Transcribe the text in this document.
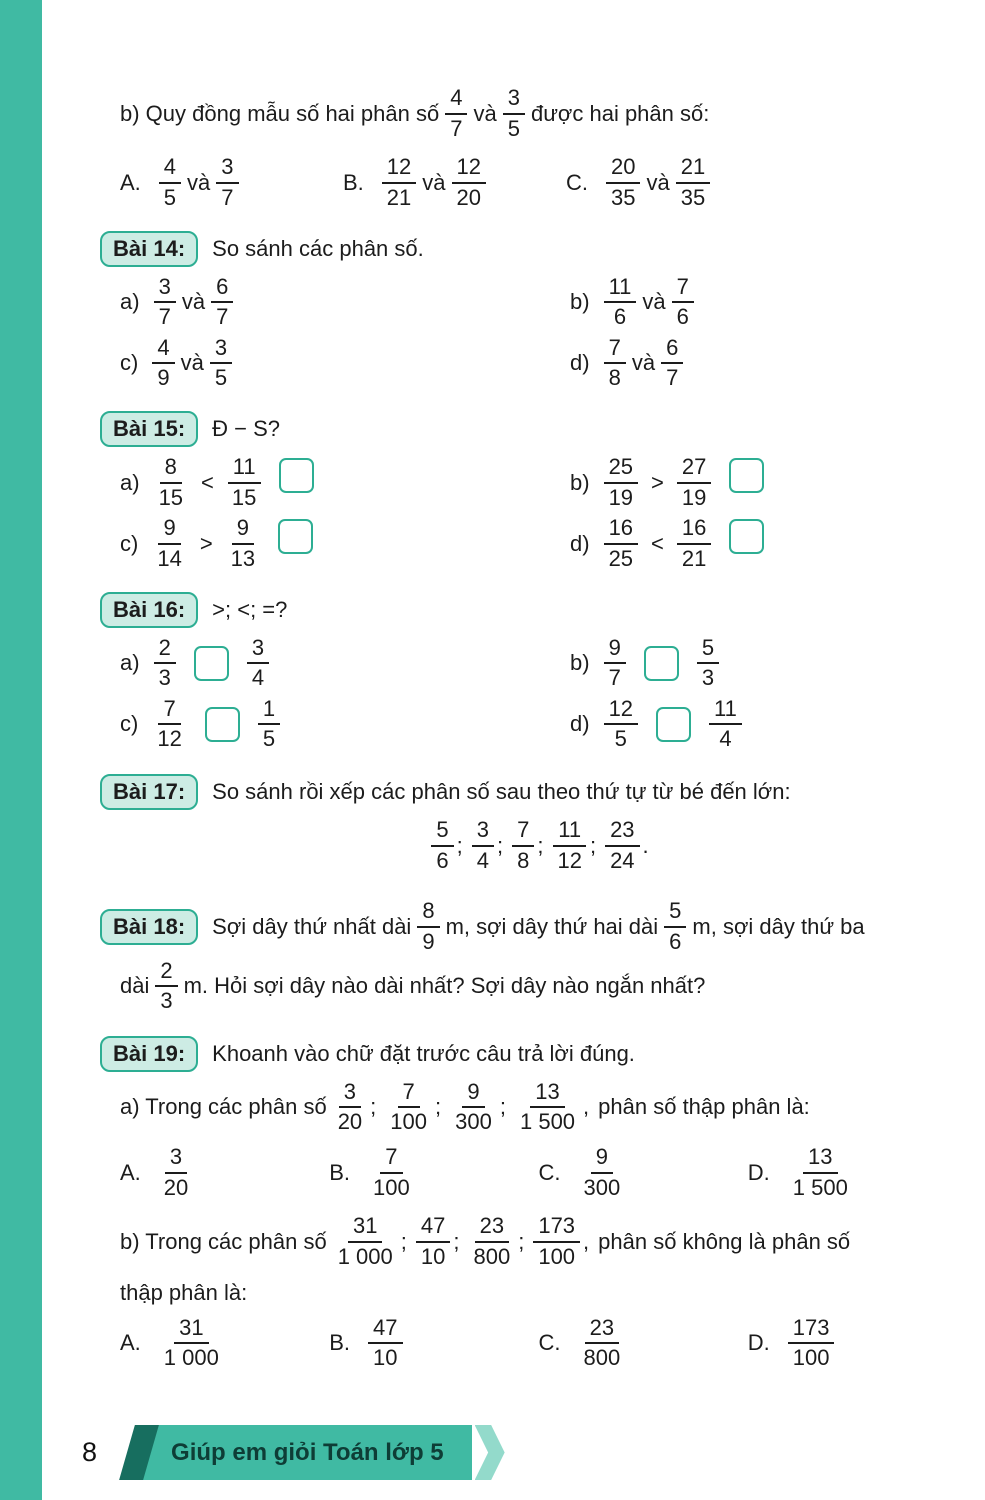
b) Quy đồng mẫu số hai phân số $\frac{4}{7}$ và $\frac{3}{5}$ được hai phân số:
A. $\frac{4}{5}$ và $\frac{3}{7}$	B. $\frac{12}{21}$ và $\frac{12}{20}$	C. $\frac{20}{35}$ và $\frac{21}{35}$
Bài 14:	So sánh các phân số.
$a) \frac{3}{7}$ và $\frac{6}{7}$	$b) \frac{11}{6}$ và $\frac{7}{6}$
$c) \frac{4}{9}$ và $\frac{3}{5}$	$d) \frac{7}{8}$ và $\frac{6}{7}$
Bài 15:	Đ − S?
$a) \frac{8}{15} < \frac{11}{15}$	$b) \frac{25}{19} > \frac{27}{19}$
$c) \frac{9}{14} > \frac{9}{13}$	$d) \frac{16}{25} < \frac{16}{21}$
Bài 16:	>; <; =?
$a) \frac{2}{3}$	$\frac{3}{4}$	$b) \frac{9}{7}$	$\frac{5}{3}$
$c) \frac{7}{12}$	$\frac{1}{5}$	$d) \frac{12}{5}$	$\frac{11}{4}$
Bài 17:	So sánh rồi xếp các phân số sau theo thứ tự từ bé đến lớn:
$\frac{5}{6}$ ; $\frac{3}{4}$ ; $\frac{7}{8}$ ; $\frac{11}{12}$ ; $\frac{23}{24}$ .
Bài 18:	Sợi dây thứ nhất dài $\frac{8}{9} m$, sợi dây thứ hai dài $\frac{5}{6} m$, sợi dây thứ ba
dài $\frac{2}{3} m$. Hỏi sợi dây nào dài nhất? Sợi dây nào ngắn nhất?
Bài 19:	Khoanh vào chữ đặt trước câu trả lời đúng.
a) Trong các phân số $\frac{3}{20}$ ; $\frac{7}{100}$ ; $\frac{9}{300}$ ; $\frac{13}{1 500}$ , phân số thập phân là:
A. $\frac{3}{20}$	B. $\frac{7}{100}$	C. $\frac{9}{300}$	D. $\frac{13}{1 500}$
b) Trong các phân số $\frac{31}{1 000}$ ; $\frac{47}{10}$ ; $\frac{23}{800}$ ; $\frac{173}{100}$ , phân số không là phân số
thập phân là:
A. $\frac{31}{1 000}$	B. $\frac{47}{10}$	C. $\frac{23}{800}$	D. $\frac{173}{100}$
8	Giúp em giỏi Toán lớp 5
